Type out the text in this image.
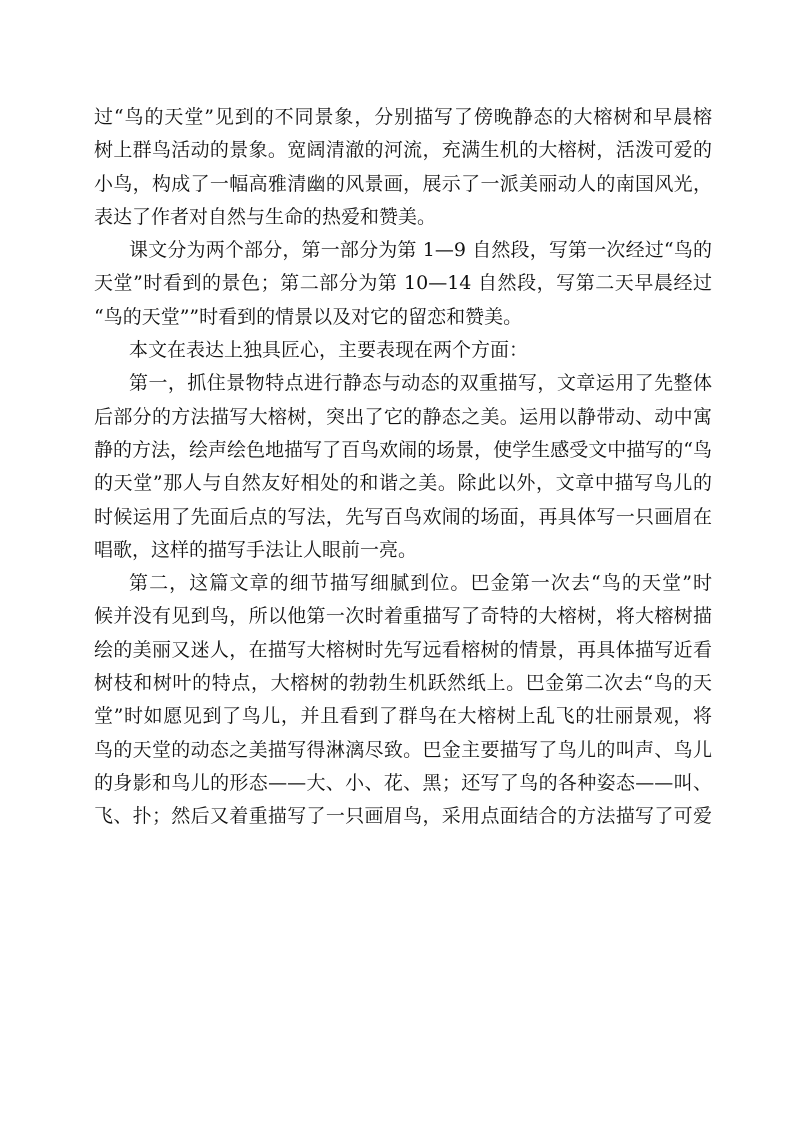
过“鸟的天堂”见到的不同景象，分别描写了傍晚静态的大榕树和早晨榕
树上群鸟活动的景象。宽阔清澈的河流，充满生机的大榕树，活泼可爱的
小鸟，构成了一幅高雅清幽的风景画，展示了一派美丽动人的南国风光，
表达了作者对自然与生命的热爱和赞美。
课文分为两个部分，第一部分为第 1—9 自然段，写第一次经过“鸟的
天堂”时看到的景色；第二部分为第 10—14 自然段，写第二天早晨经过
“鸟的天堂””时看到的情景以及对它的留恋和赞美。
本文在表达上独具匠心，主要表现在两个方面：
第一，抓住景物特点进行静态与动态的双重描写，文章运用了先整体
后部分的方法描写大榕树，突出了它的静态之美。运用以静带动、动中寓
静的方法，绘声绘色地描写了百鸟欢闹的场景，使学生感受文中描写的“鸟
的天堂”那人与自然友好相处的和谐之美。除此以外，文章中描写鸟儿的
时候运用了先面后点的写法，先写百鸟欢闹的场面，再具体写一只画眉在
唱歌，这样的描写手法让人眼前一亮。
第二，这篇文章的细节描写细腻到位。巴金第一次去“鸟的天堂”时
候并没有见到鸟，所以他第一次时着重描写了奇特的大榕树，将大榕树描
绘的美丽又迷人，在描写大榕树时先写远看榕树的情景，再具体描写近看
树枝和树叶的特点，大榕树的勃勃生机跃然纸上。巴金第二次去“鸟的天
堂”时如愿见到了鸟儿，并且看到了群鸟在大榕树上乱飞的壮丽景观，将
鸟的天堂的动态之美描写得淋漓尽致。巴金主要描写了鸟儿的叫声、鸟儿
的身影和鸟儿的形态——大、小、花、黑；还写了鸟的各种姿态——叫、
飞、扑；然后又着重描写了一只画眉鸟，采用点面结合的方法描写了可爱
